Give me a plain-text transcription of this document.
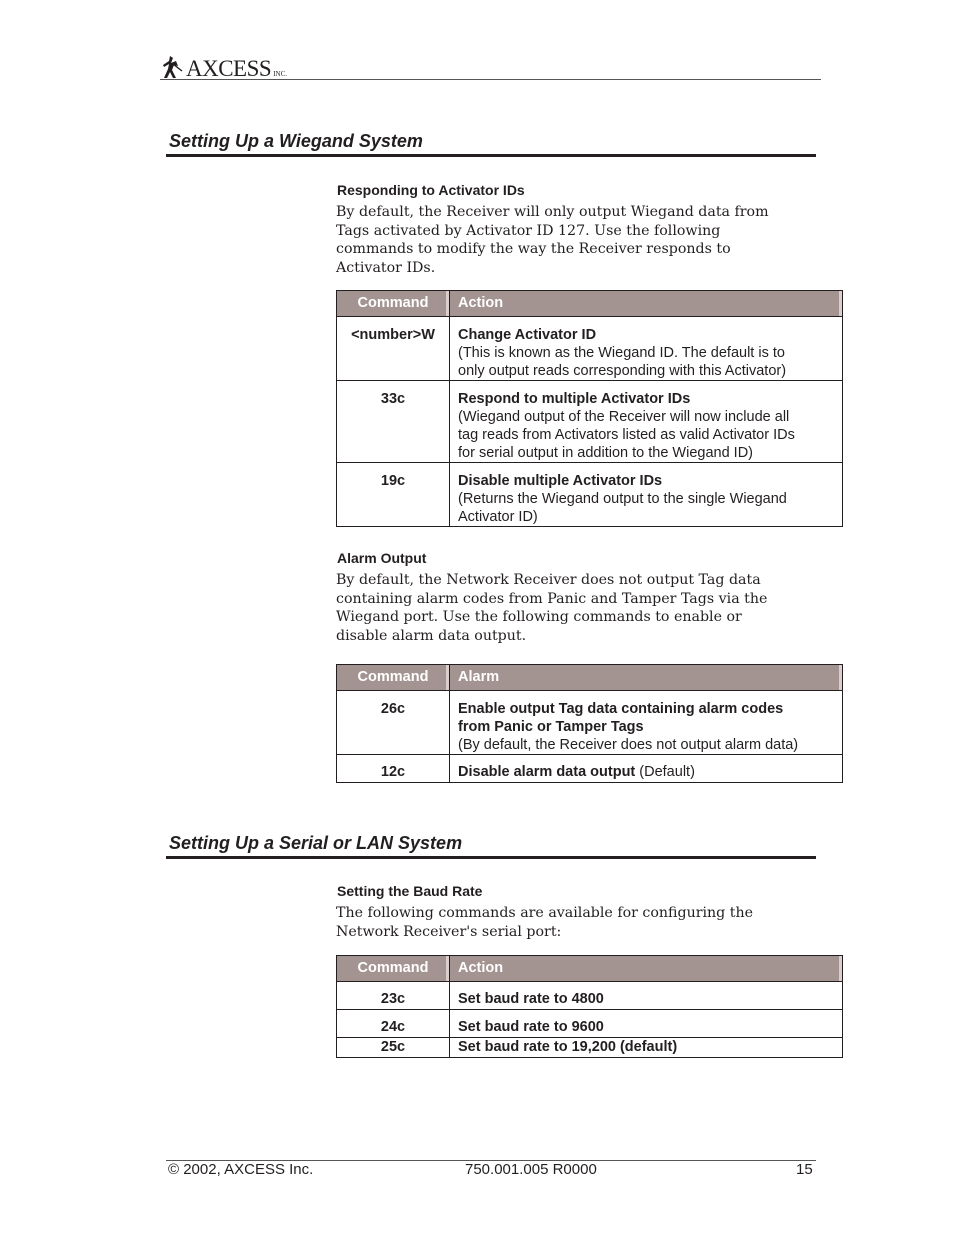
AXCESS INC.
Setting Up a Wiegand System
Responding to Activator IDs
By default, the Receiver will only output Wiegand data from
Tags activated by Activator ID 127. Use the following
commands to modify the way the Receiver responds to
Activator IDs.
Command	Action
<number>W	Change Activator ID
(This is known as the Wiegand ID. The default is to
only output reads corresponding with this Activator)

33c	Respond to multiple Activator IDs
(Wiegand output of the Receiver will now include all
tag reads from Activators listed as valid Activator IDs
for serial output in addition to the Wiegand ID)

19c	Disable multiple Activator IDs
(Returns the Wiegand output to the single Wiegand
Activator ID)
Alarm Output
By default, the Network Receiver does not output Tag data
containing alarm codes from Panic and Tamper Tags via the
Wiegand port. Use the following commands to enable or
disable alarm data output.
Command	Alarm
26c	Enable output Tag data containing alarm codes
from Panic or Tamper Tags
(By default, the Receiver does not output alarm data)

12c	Disable alarm data output (Default)
Setting Up a Serial or LAN System
Setting the Baud Rate
The following commands are available for configuring the
Network Receiver's serial port:
Command	Action
23c	Set baud rate to 4800

24c	Set baud rate to 9600

25c	Set baud rate to 19,200 (default)
© 2002, AXCESS Inc.	750.001.005 R0000	15
